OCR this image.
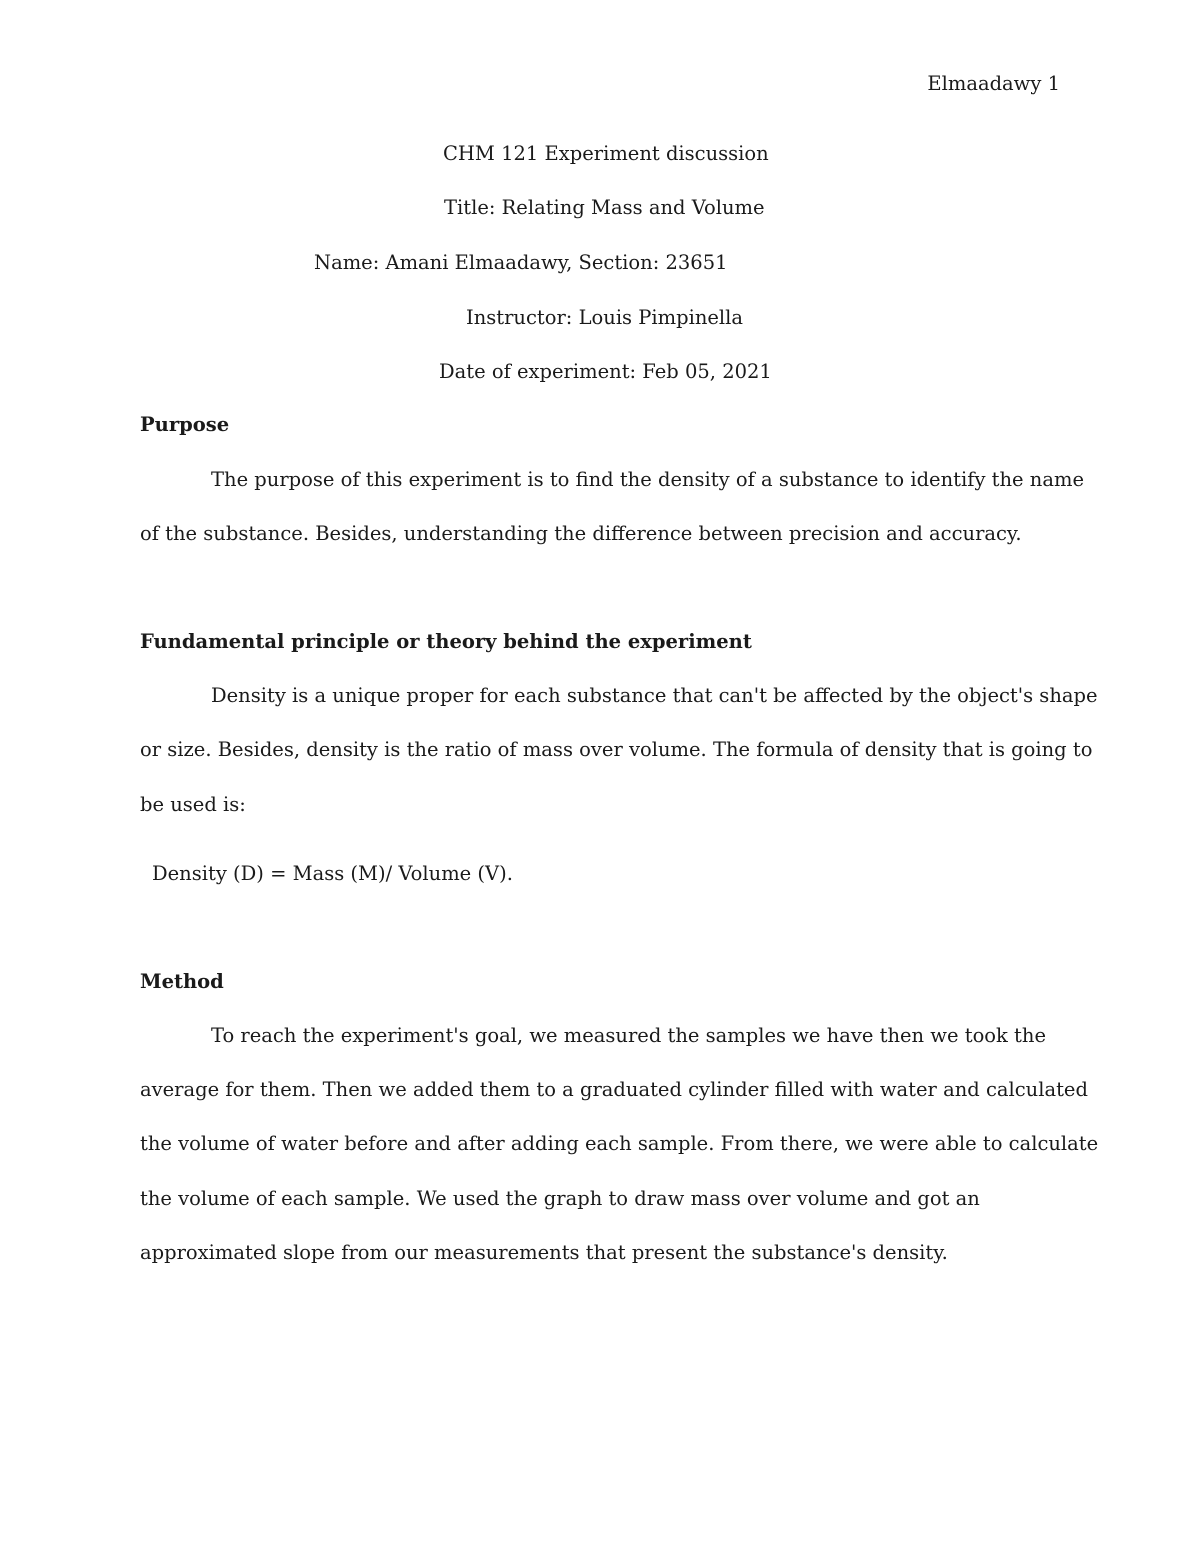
Elmaadawy 1
CHM 121 Experiment discussion
Title: Relating Mass and Volume
Name: Amani Elmaadawy, Section: 23651
Instructor: Louis Pimpinella
Date of experiment: Feb 05, 2021
Purpose
The purpose of this experiment is to find the density of a substance to identify the name
of the substance. Besides, understanding the difference between precision and accuracy.
Fundamental principle or theory behind the experiment
Density is a unique proper for each substance that can't be affected by the object's shape
or size. Besides, density is the ratio of mass over volume. The formula of density that is going to
be used is:
Density (D) = Mass (M)/ Volume (V).
Method
To reach the experiment's goal, we measured the samples we have then we took the
average for them. Then we added them to a graduated cylinder filled with water and calculated
the volume of water before and after adding each sample. From there, we were able to calculate
the volume of each sample. We used the graph to draw mass over volume and got an
approximated slope from our measurements that present the substance's density.
